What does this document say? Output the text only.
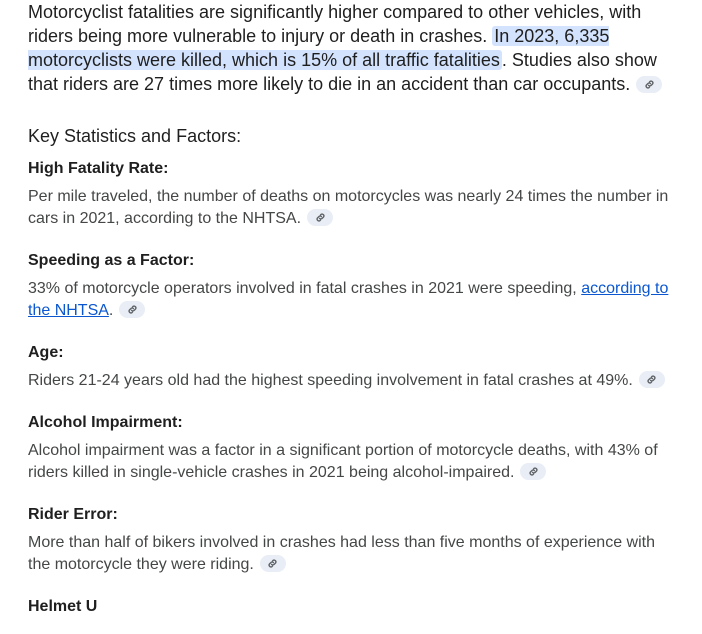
Motorcyclist fatalities are significantly higher compared to other vehicles, with riders being more vulnerable to injury or death in crashes. In 2023, 6,335 motorcyclists were killed, which is 15% of all traffic fatalities . Studies also show that riders are 27 times more likely to die in an accident than car occupants.

Key Statistics and Factors:

High Fatality Rate:

Per mile traveled, the number of deaths on motorcycles was nearly 24 times the number in cars in 2021, according to the NHTSA.

Speeding as a Factor:

33% of motorcycle operators involved in fatal crashes in 2021 were speeding, according to the NHTSA.

Age:

Riders 21-24 years old had the highest speeding involvement in fatal crashes at 49%.

Alcohol Impairment:

Alcohol impairment was a factor in a significant portion of motorcycle deaths, with 43% of riders killed in single-vehicle crashes in 2021 being alcohol-impaired.

Rider Error:

More than half of bikers involved in crashes had less than five months of experience with the motorcycle they were riding.

Helmet U
